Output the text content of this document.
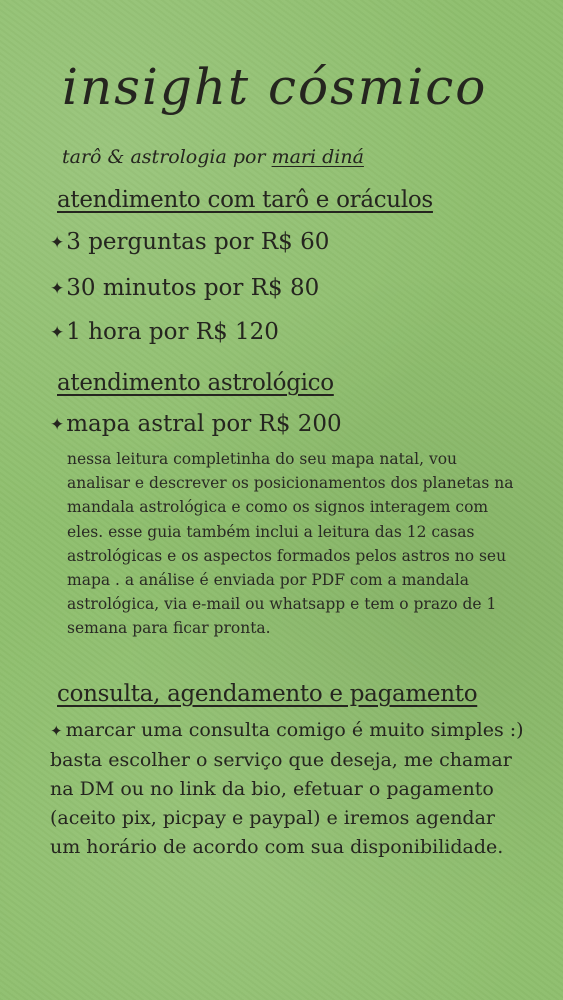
insight cósmico
tarô & astrologia por mari diná
atendimento com tarô e oráculos
✦3 perguntas por R$ 60
✦30 minutos por R$ 80
✦1 hora por R$ 120
atendimento astrológico
✦mapa astral por R$ 200

nessa leitura completinha do seu mapa natal, vou analisar e descrever os posicionamentos dos planetas na mandala astrológica e como os signos interagem com eles. esse guia também inclui a leitura das 12 casas astrológicas e os aspectos formados pelos astros no seu mapa . a análise é enviada por PDF com a mandala astrológica, via e-mail ou whatsapp e tem o prazo de 1 semana para ficar pronta.

consulta, agendamento e pagamento

✦ marcar uma consulta comigo é muito simples :) basta escolher o serviço que deseja, me chamar na DM ou no link da bio, efetuar o pagamento (aceito pix, picpay e paypal) e iremos agendar um horário de acordo com sua disponibilidade.
